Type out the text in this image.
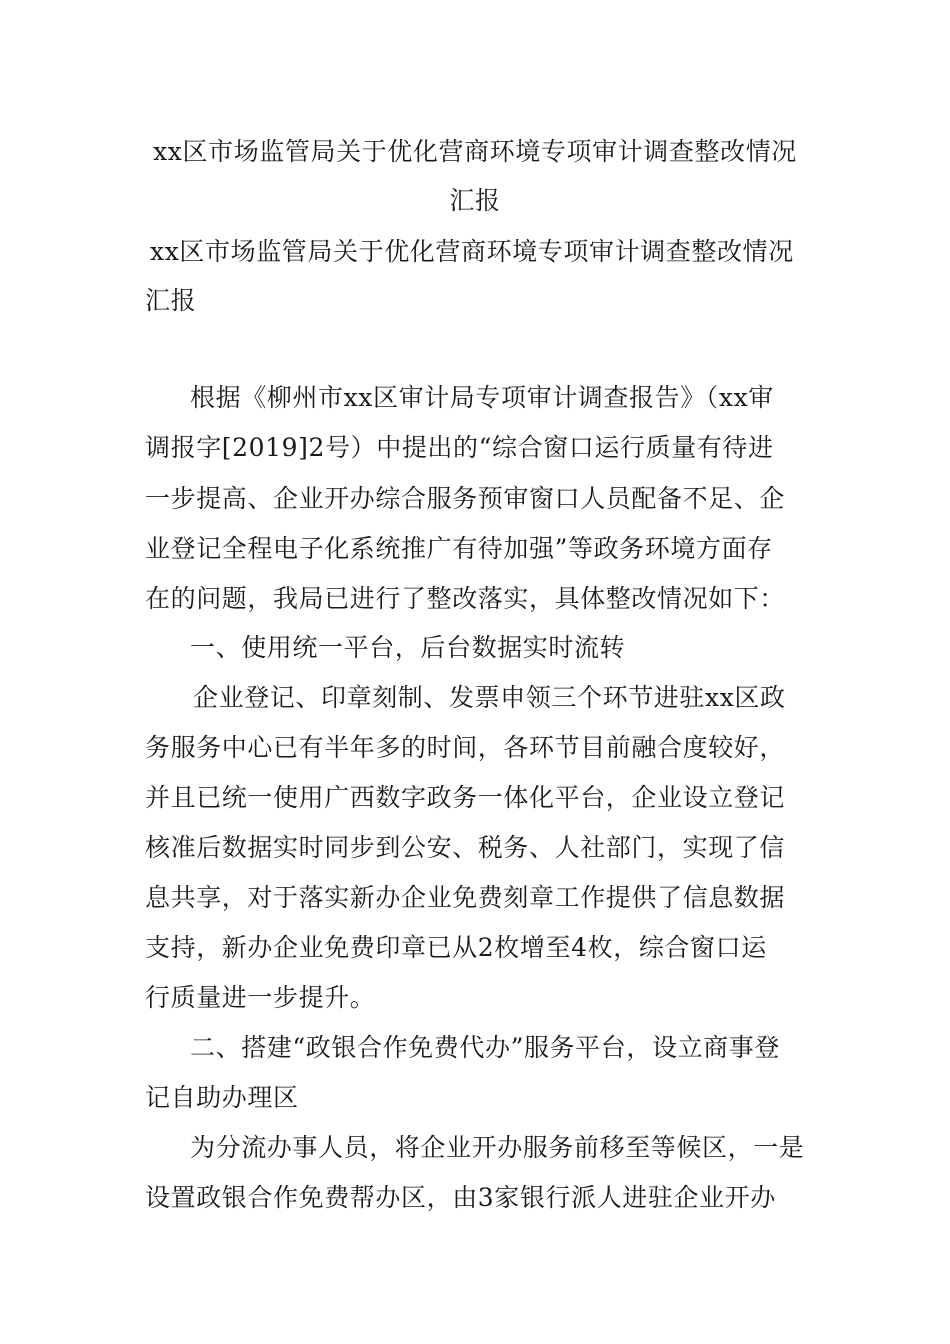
xx区市场监管局关于优化营商环境专项审计调查整改情况
汇报
xx区市场监管局关于优化营商环境专项审计调查整改情况
汇报
根据《柳州市xx区审计局专项审计调查报告》（xx审
调报字[2019]2号）中提出的“综合窗口运行质量有待进
一步提高、企业开办综合服务预审窗口人员配备不足、企
业登记全程电子化系统推广有待加强”等政务环境方面存
在的问题，我局已进行了整改落实，具体整改情况如下：
一、使用统一平台，后台数据实时流转
企业登记、印章刻制、发票申领三个环节进驻xx区政
务服务中心已有半年多的时间，各环节目前融合度较好，
并且已统一使用广西数字政务一体化平台，企业设立登记
核准后数据实时同步到公安、税务、人社部门，实现了信
息共享，对于落实新办企业免费刻章工作提供了信息数据
支持，新办企业免费印章已从2枚增至4枚，综合窗口运
行质量进一步提升。
二、搭建“政银合作免费代办”服务平台，设立商事登
记自助办理区
为分流办事人员，将企业开办服务前移至等候区，一是
设置政银合作免费帮办区，由3家银行派人进驻企业开办
